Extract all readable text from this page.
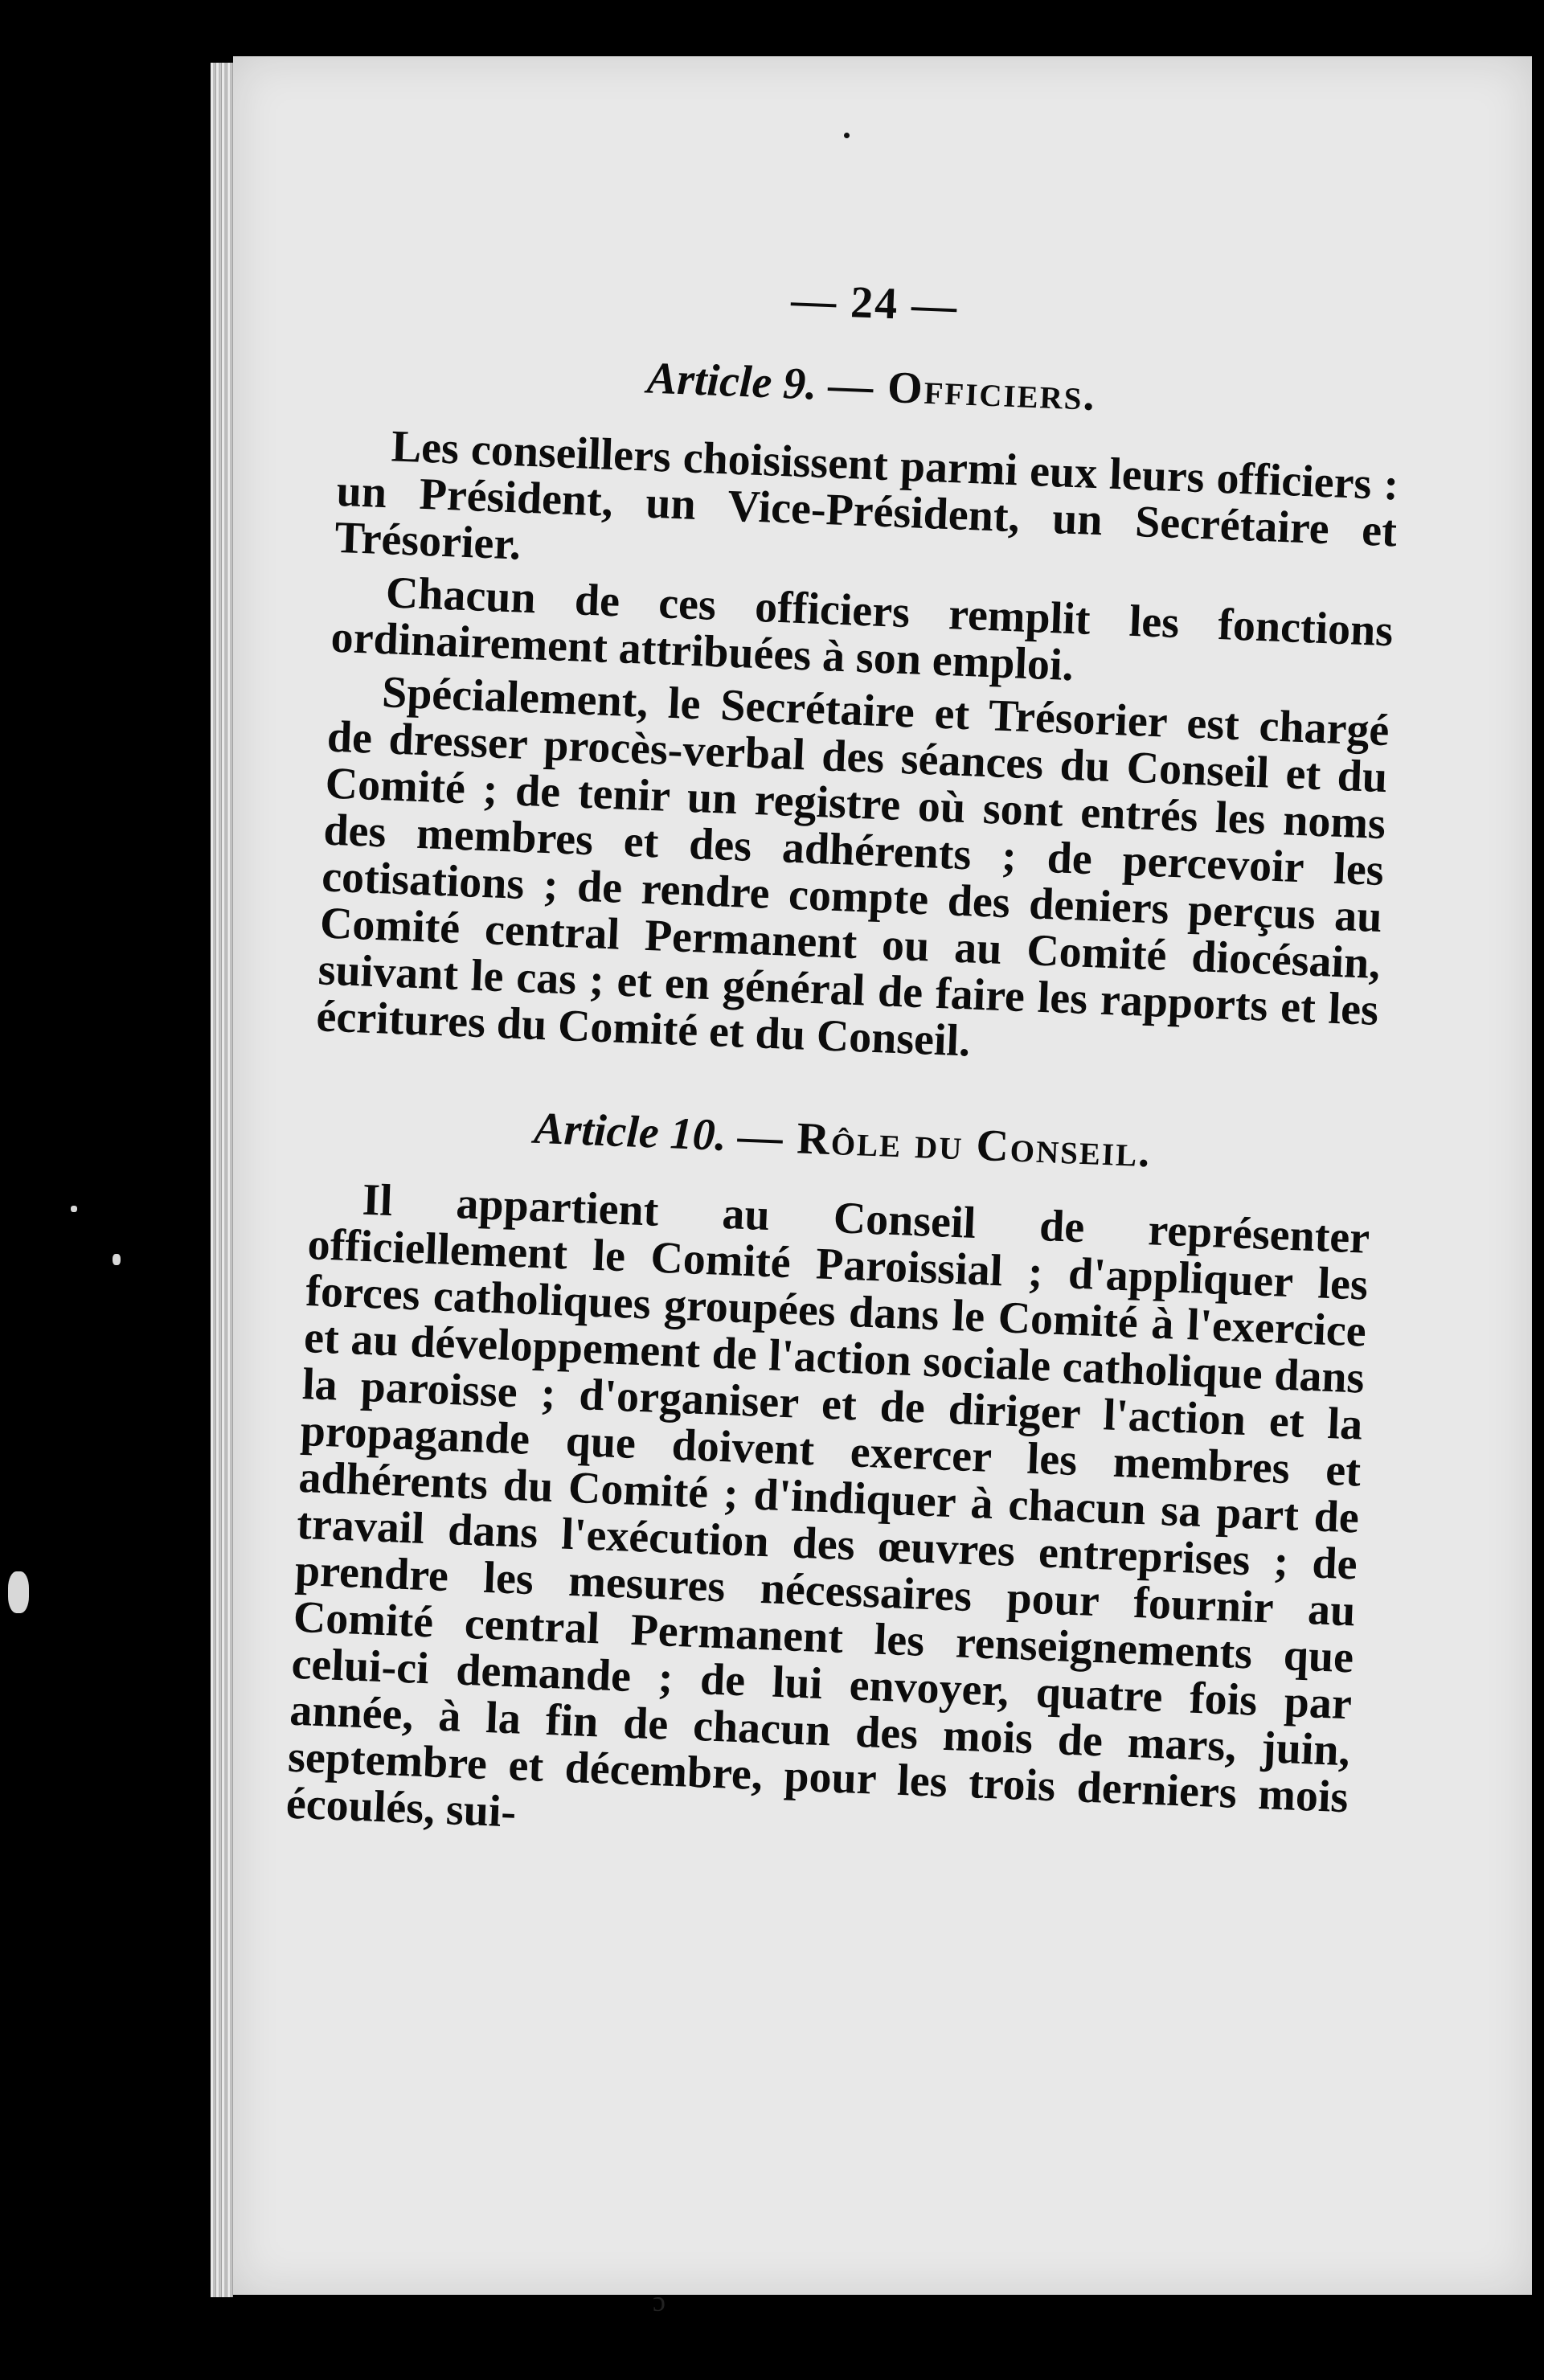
— 24 —
Article 9. — Officiers.

Les conseillers choisissent parmi eux leurs officiers : un Président, un Vice-Président, un Secrétaire et Trésorier.

Chacun de ces officiers remplit les fonctions ordinairement attribuées à son emploi.

Spécialement, le Secrétaire et Trésorier est chargé de dresser procès-verbal des séances du Conseil et du Comité ; de tenir un registre où sont entrés les noms des membres et des adhérents ; de percevoir les cotisations ; de rendre compte des deniers perçus au Comité central Permanent ou au Comité diocésain, suivant le cas ; et en général de faire les rapports et les écritures du Comité et du Conseil.

Article 10. — Rôle du Conseil.

Il appartient au Conseil de représenter officiellement le Comité Paroissial ; d'appliquer les forces catholiques groupées dans le Comité à l'exercice et au développement de l'action sociale catholique dans la paroisse ; d'organiser et de diriger l'action et la propagande que doivent exercer les membres et adhérents du Comité ; d'indiquer à chacun sa part de travail dans l'exécution des œuvres entreprises ; de prendre les mesures nécessaires pour fournir au Comité central Permanent les renseignements que celui-ci demande ; de lui envoyer, quatre fois par année, à la fin de chacun des mois de mars, juin, septembre et décembre, pour les trois derniers mois écoulés, sui-

ɔ
